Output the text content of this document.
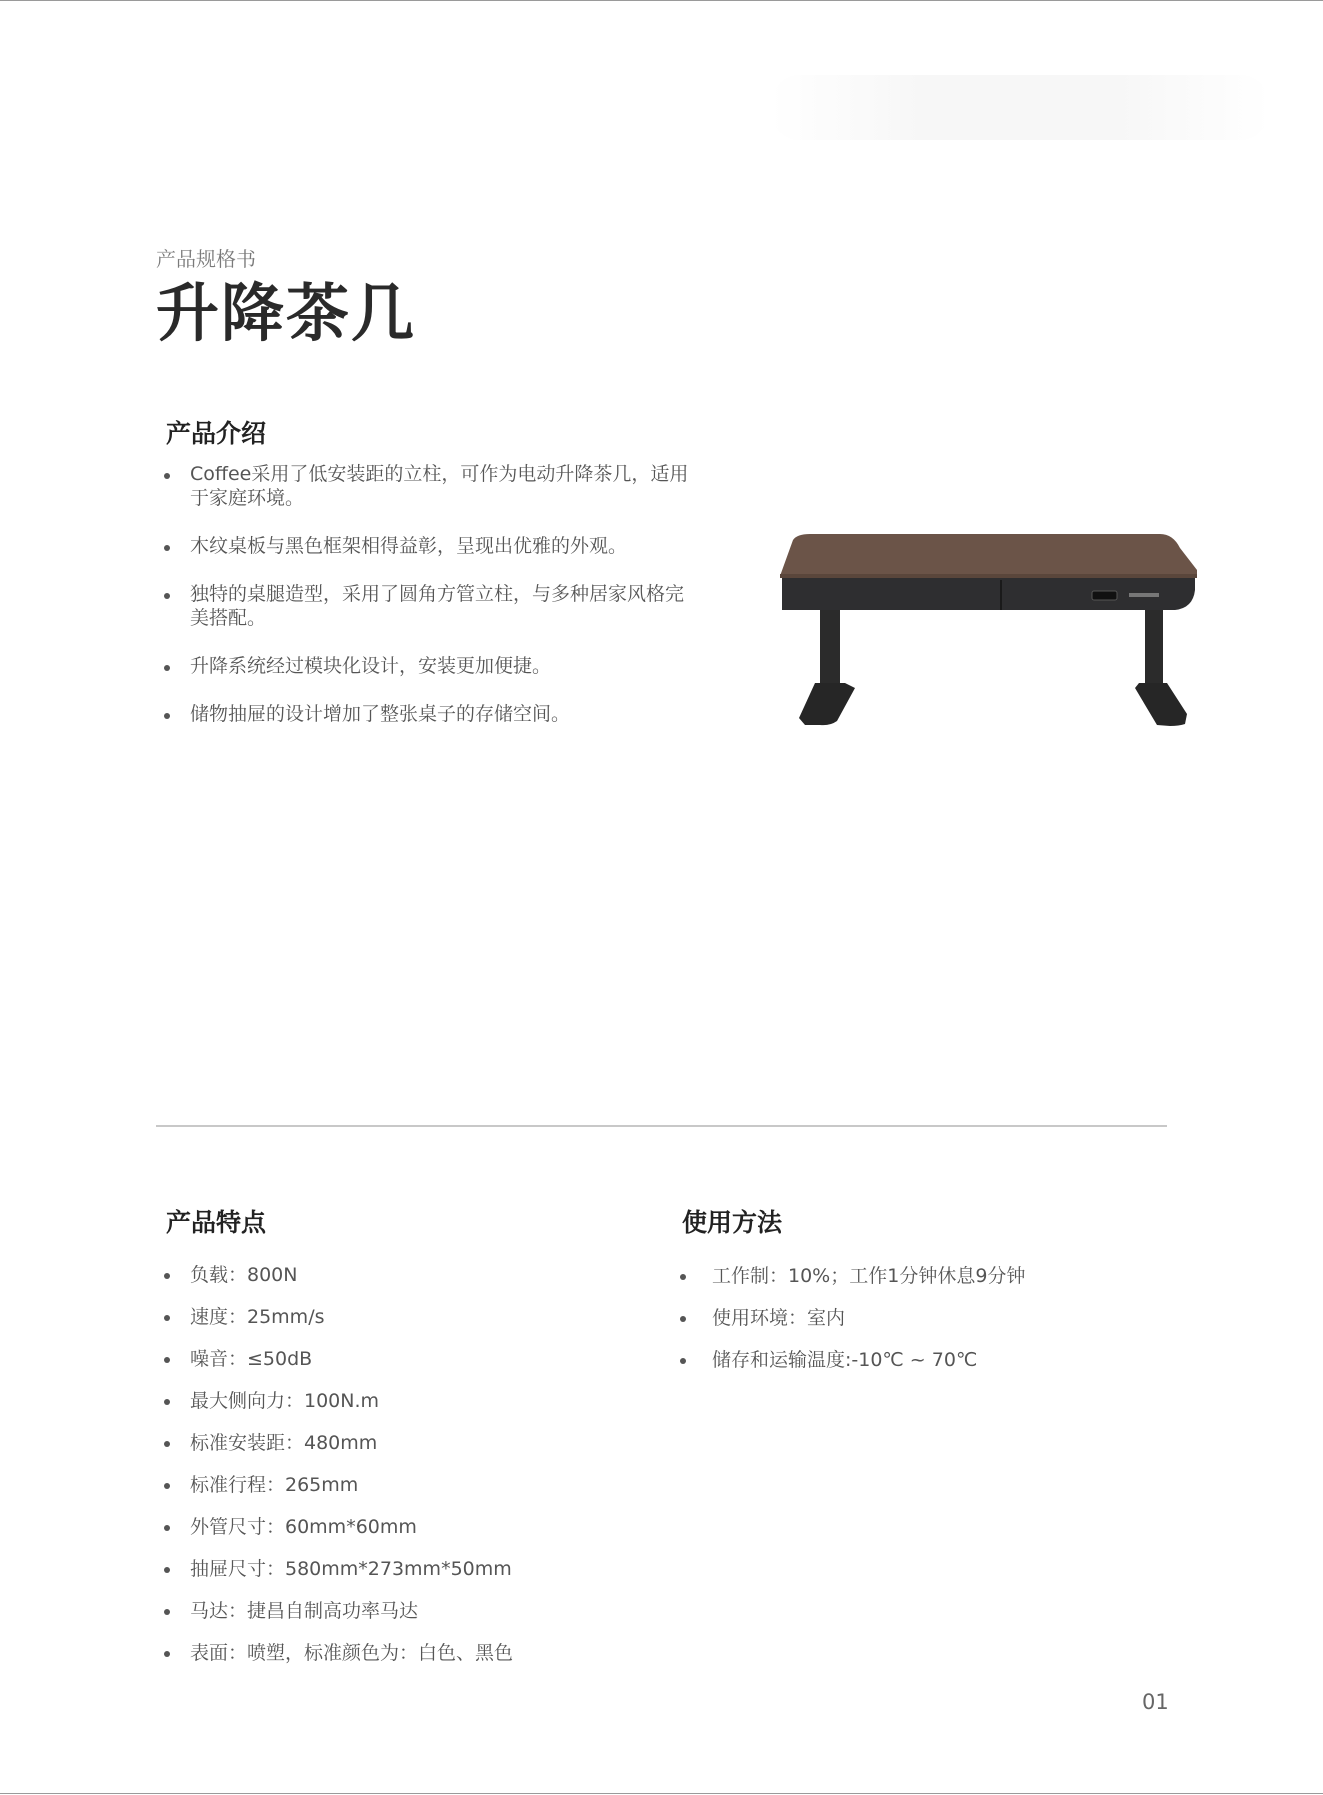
产品规格书
升降茶几
产品介绍
Coffee采用了低安装距的立柱，可作为电动升降茶几，适用于家庭环境。
木纹桌板与黑色框架相得益彰，呈现出优雅的外观。
独特的桌腿造型，采用了圆角方管立柱，与多种居家风格完美搭配。
升降系统经过模块化设计，安装更加便捷。
储物抽屉的设计增加了整张桌子的存储空间。
产品特点
负载：800N
速度：25mm/s
噪音：≤50dB
最大侧向力：100N.m
标准安装距：480mm
标准行程：265mm
外管尺寸：60mm*60mm
抽屉尺寸：580mm*273mm*50mm
马达：捷昌自制高功率马达
表面：喷塑，标准颜色为：白色、黑色
使用方法
工作制：10%；工作1分钟休息9分钟
使用环境：室内
储存和运输温度:-10℃ ~ 70℃
01
